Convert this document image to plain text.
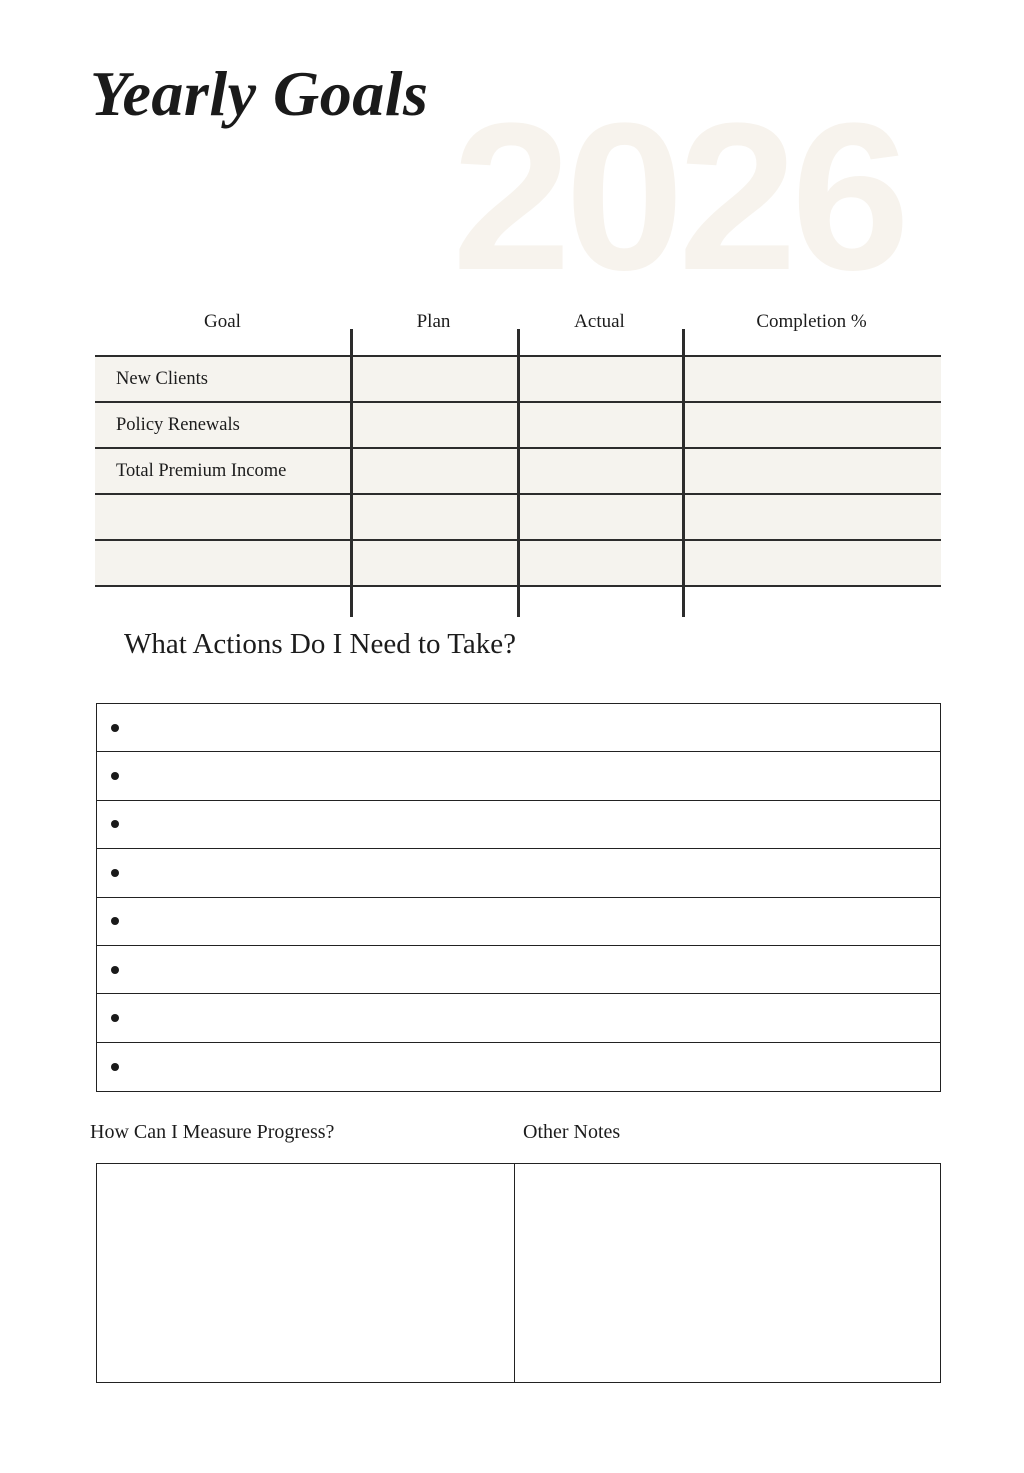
2026
Yearly Goals
Goal	Plan	Actual	Completion %
New Clients
Policy Renewals
Total Premium Income
What Actions Do I Need to Take?
How Can I Measure Progress?	Other Notes
